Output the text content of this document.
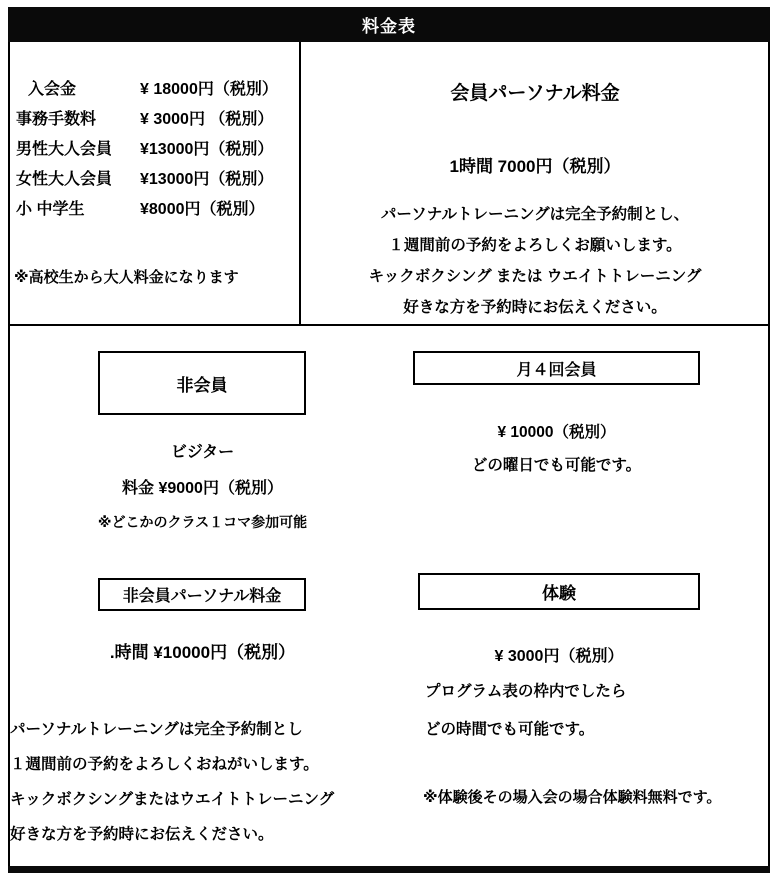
料金表
入会金	¥ 18000円（税別）
事務手数料	¥ 3000円 （税別）
男性大人会員	¥13000円（税別）
女性大人会員	¥13000円（税別）
小 中学生	¥8000円（税別）
※高校生から大人料金になります
会員パーソナル料金
1時間 7000円（税別）
パーソナルトレーニングは完全予約制とし、
１週間前の予約をよろしくお願いします。
キックボクシング または ウエイトトレーニング
好きな方を予約時にお伝えください。
非会員
ビジター
料金 ¥9000円（税別）
※どこかのクラス１コマ参加可能
非会員パーソナル料金
.時間 ¥10000円（税別）
パーソナルトレーニングは完全予約制とし
１週間前の予約をよろしくおねがいします。
キックボクシングまたはウエイトトレーニング
好きな方を予約時にお伝えください。
月４回会員
¥ 10000（税別）
どの曜日でも可能です。
体験
¥ 3000円（税別）
プログラム表の枠内でしたら
どの時間でも可能です。
※体験後その場入会の場合体験料無料です。
